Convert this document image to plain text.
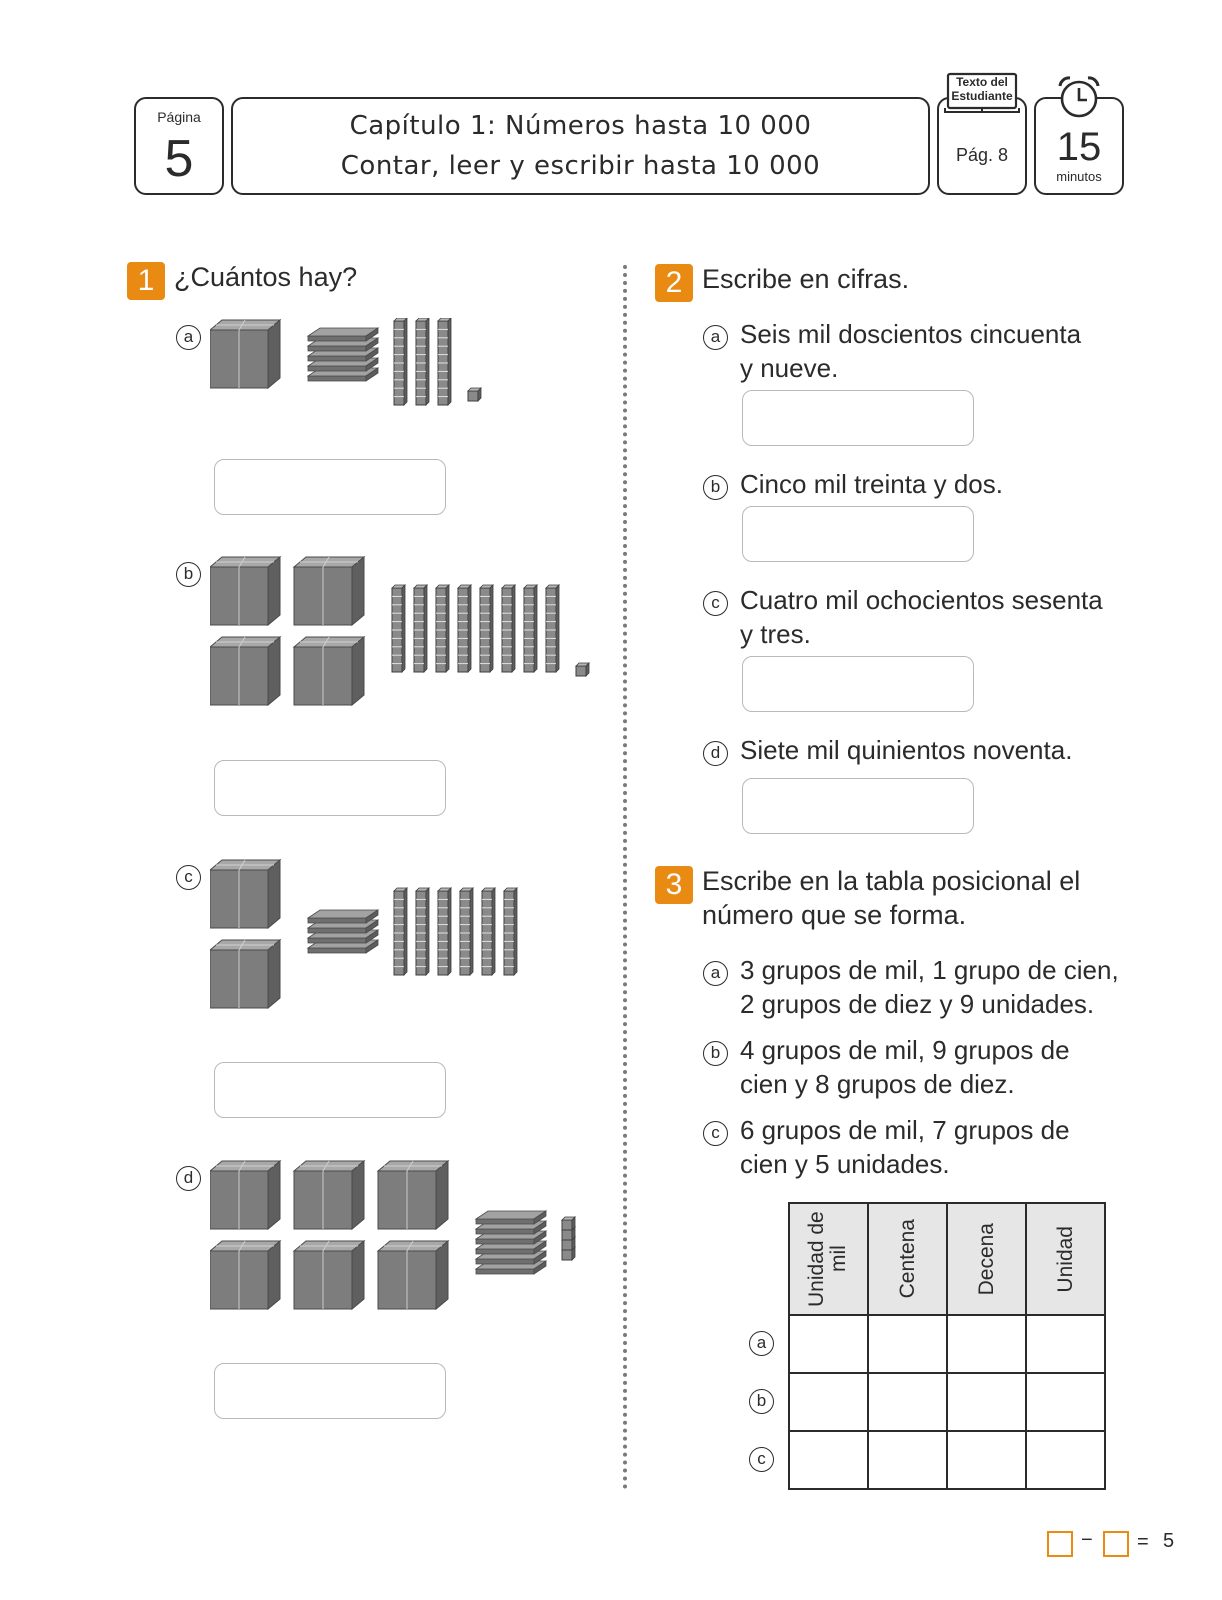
Página
5
Capítulo 1: Números hasta 10 000
Contar, leer y escribir hasta 10 000	Pág. 8
Texto del Estudiante
15
minutos
1 ¿Cuántos hay?
a
b
c
d
2 Escribe en cifras.
a Seis mil doscientos cincuenta
y nueve.
b Cinco mil treinta y dos.
c Cuatro mil ochocientos sesenta
y tres.
d Siete mil quinientos noventa.
3 Escribe en la tabla posicional el
número que se forma.
a 3 grupos de mil, 1 grupo de cien,
2 grupos de diez y 9 unidades.
b 4 grupos de mil, 9 grupos de
cien y 8 grupos de diez.
c 6 grupos de mil, 7 grupos de
cien y 5 unidades.
Unidad de mil	Centena	Decena	Unidad

a
b
c
− = 5
